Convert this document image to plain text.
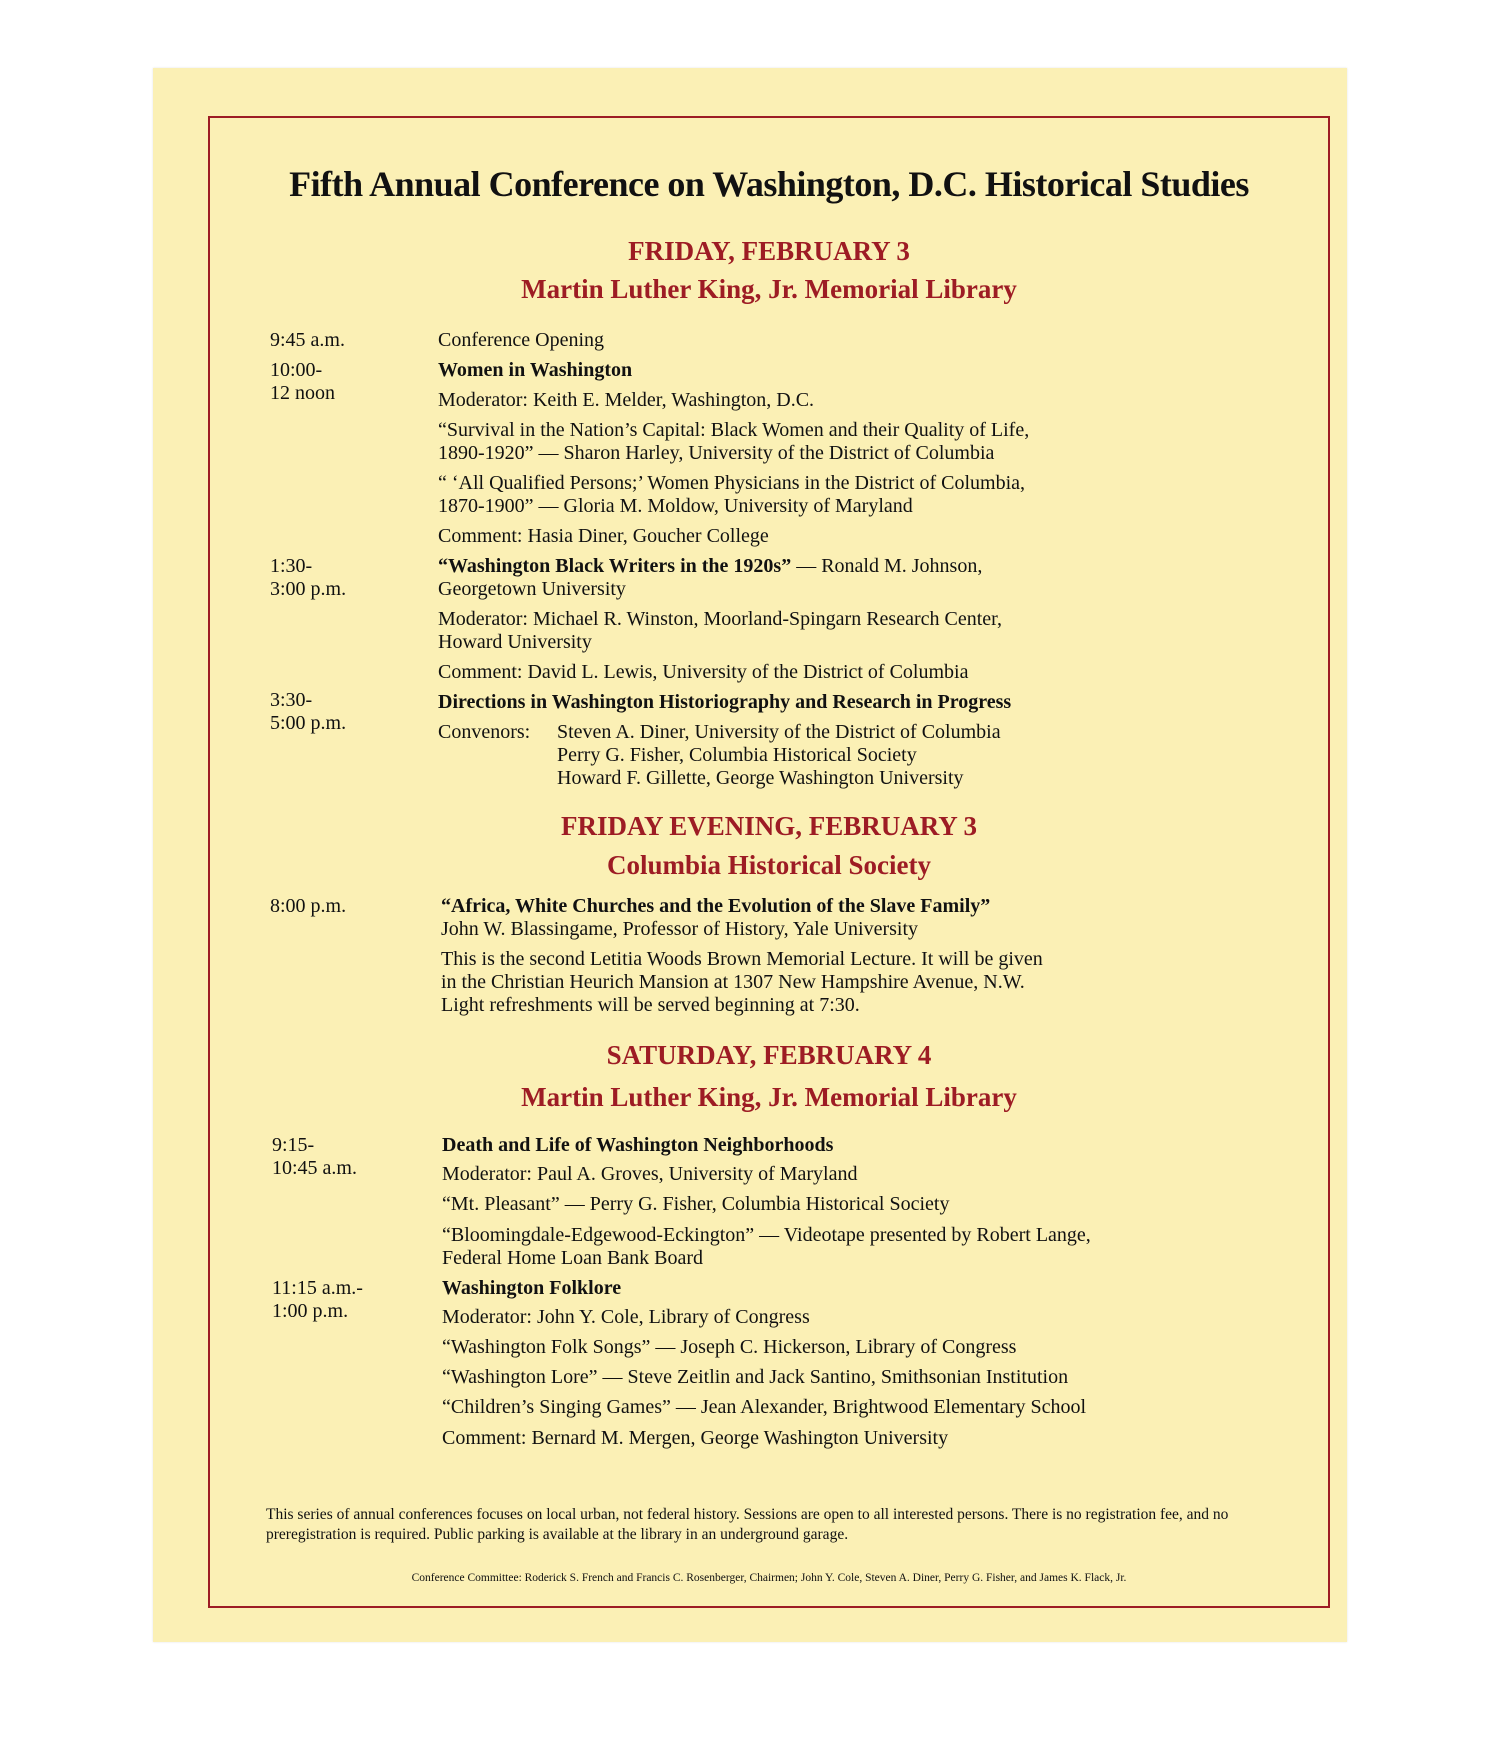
Fifth Annual Conference on Washington, D.C. Historical Studies
FRIDAY, FEBRUARY 3
Martin Luther King, Jr. Memorial Library
9:45 a.m.
10:00-
12 noon
1:30-
3:00 p.m.
3:30-
5:00 p.m.
Conference Opening
Women in Washington
Moderator: Keith E. Melder, Washington, D.C.
“Survival in the Nation’s Capital: Black Women and their Quality of Life,
1890-1920” — Sharon Harley, University of the District of Columbia
“ ‘All Qualified Persons;’ Women Physicians in the District of Columbia,
1870-1900” — Gloria M. Moldow, University of Maryland
Comment: Hasia Diner, Goucher College
“Washington Black Writers in the 1920s” — Ronald M. Johnson,
Georgetown University
Moderator: Michael R. Winston, Moorland-Spingarn Research Center,
Howard University
Comment: David L. Lewis, University of the District of Columbia
Directions in Washington Historiography and Research in Progress
Convenors: Steven A. Diner, University of the District of Columbia
Perry G. Fisher, Columbia Historical Society
Howard F. Gillette, George Washington University
FRIDAY EVENING, FEBRUARY 3
Columbia Historical Society
8:00 p.m.	“Africa, White Churches and the Evolution of the Slave Family”
John W. Blassingame, Professor of History, Yale University
This is the second Letitia Woods Brown Memorial Lecture. It will be given
in the Christian Heurich Mansion at 1307 New Hampshire Avenue, N.W.
Light refreshments will be served beginning at 7:30.
SATURDAY, FEBRUARY 4
Martin Luther King, Jr. Memorial Library
9:15-
10:45 a.m.
11:15 a.m.-
1:00 p.m.
Death and Life of Washington Neighborhoods
Moderator: Paul A. Groves, University of Maryland
“Mt. Pleasant” — Perry G. Fisher, Columbia Historical Society
“Bloomingdale-Edgewood-Eckington” — Videotape presented by Robert Lange,
Federal Home Loan Bank Board
Washington Folklore
Moderator: John Y. Cole, Library of Congress
“Washington Folk Songs” — Joseph C. Hickerson, Library of Congress
“Washington Lore” — Steve Zeitlin and Jack Santino, Smithsonian Institution
“Children’s Singing Games” — Jean Alexander, Brightwood Elementary School
Comment: Bernard M. Mergen, George Washington University
This series of annual conferences focuses on local urban, not federal history. Sessions are open to all interested persons. There is no registration fee, and no preregistration is required. Public parking is available at the library in an underground garage.
Conference Committee: Roderick S. French and Francis C. Rosenberger, Chairmen; John Y. Cole, Steven A. Diner, Perry G. Fisher, and James K. Flack, Jr.
